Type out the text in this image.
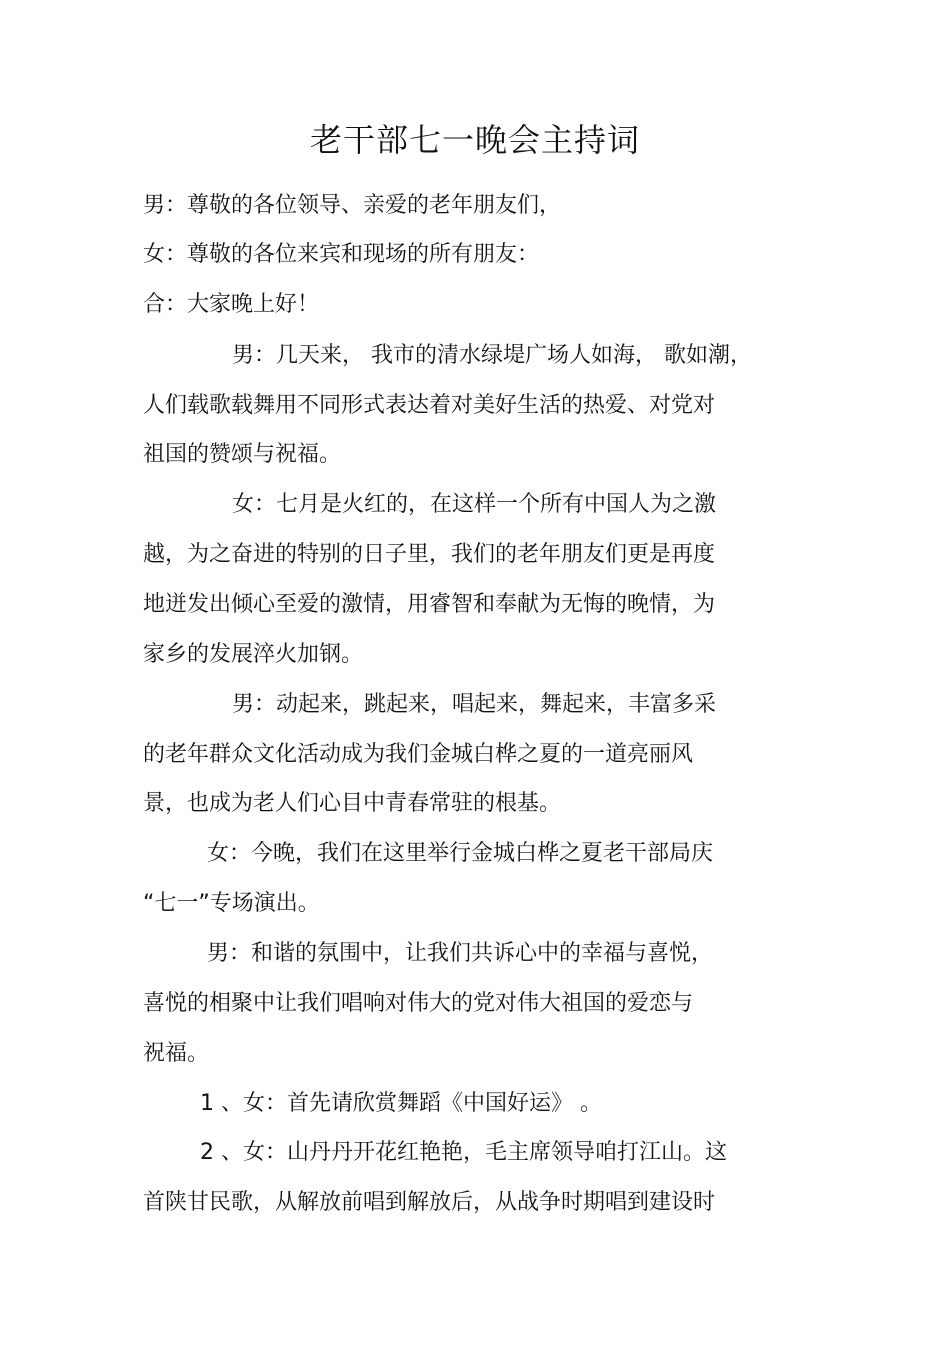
老干部七一晚会主持词
男：尊敬的各位领导、亲爱的老年朋友们，
女：尊敬的各位来宾和现场的所有朋友：
合：大家晚上好！
男：几天来， 我市的清水绿堤广场人如海， 歌如潮，
人们载歌载舞用不同形式表达着对美好生活的热爱、对党对
祖国的赞颂与祝福。
女：七月是火红的，在这样一个所有中国人为之激
越，为之奋进的特别的日子里，我们的老年朋友们更是再度
地迸发出倾心至爱的激情，用睿智和奉献为无悔的晚情，为
家乡的发展淬火加钢。
男：动起来，跳起来，唱起来，舞起来，丰富多采
的老年群众文化活动成为我们金城白桦之夏的一道亮丽风
景，也成为老人们心目中青春常驻的根基。
女：今晚，我们在这里举行金城白桦之夏老干部局庆
“七一”专场演出。
男：和谐的氛围中，让我们共诉心中的幸福与喜悦，
喜悦的相聚中让我们唱响对伟大的党对伟大祖国的爱恋与
祝福。
1 、女：首先请欣赏舞蹈《中国好运》 。
2 、女：山丹丹开花红艳艳，毛主席领导咱打江山。这
首陕甘民歌，从解放前唱到解放后，从战争时期唱到建设时
